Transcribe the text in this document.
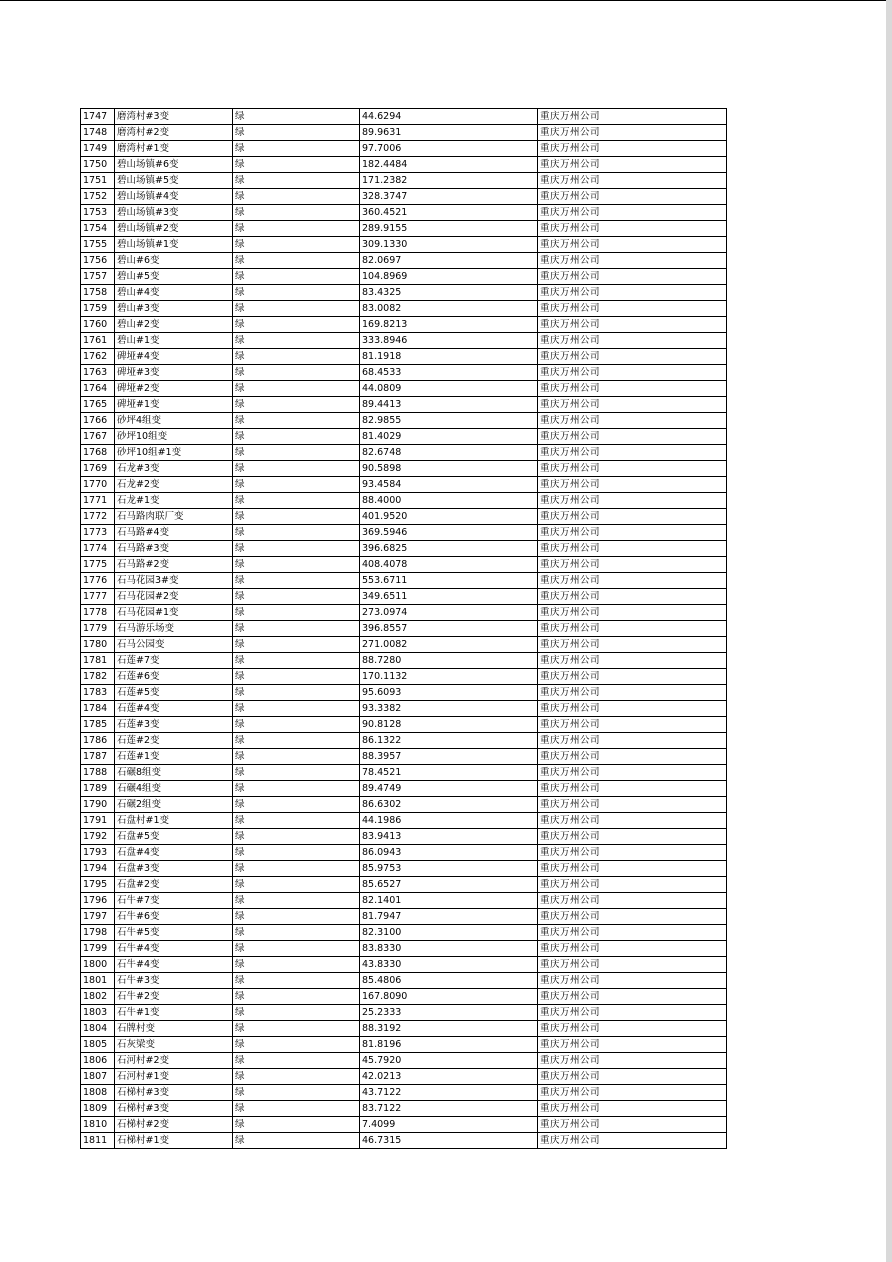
1747	磨湾村#3变	绿	44.6294	重庆万州公司
1748	磨湾村#2变	绿	89.9631	重庆万州公司
1749	磨湾村#1变	绿	97.7006	重庆万州公司
1750	碧山场镇#6变	绿	182.4484	重庆万州公司
1751	碧山场镇#5变	绿	171.2382	重庆万州公司
1752	碧山场镇#4变	绿	328.3747	重庆万州公司
1753	碧山场镇#3变	绿	360.4521	重庆万州公司
1754	碧山场镇#2变	绿	289.9155	重庆万州公司
1755	碧山场镇#1变	绿	309.1330	重庆万州公司
1756	碧山#6变	绿	82.0697	重庆万州公司
1757	碧山#5变	绿	104.8969	重庆万州公司
1758	碧山#4变	绿	83.4325	重庆万州公司
1759	碧山#3变	绿	83.0082	重庆万州公司
1760	碧山#2变	绿	169.8213	重庆万州公司
1761	碧山#1变	绿	333.8946	重庆万州公司
1762	碑垭#4变	绿	81.1918	重庆万州公司
1763	碑垭#3变	绿	68.4533	重庆万州公司
1764	碑垭#2变	绿	44.0809	重庆万州公司
1765	碑垭#1变	绿	89.4413	重庆万州公司
1766	砂坪4组变	绿	82.9855	重庆万州公司
1767	砂坪10组变	绿	81.4029	重庆万州公司
1768	砂坪10组#1变	绿	82.6748	重庆万州公司
1769	石龙#3变	绿	90.5898	重庆万州公司
1770	石龙#2变	绿	93.4584	重庆万州公司
1771	石龙#1变	绿	88.4000	重庆万州公司
1772	石马路肉联厂变	绿	401.9520	重庆万州公司
1773	石马路#4变	绿	369.5946	重庆万州公司
1774	石马路#3变	绿	396.6825	重庆万州公司
1775	石马路#2变	绿	408.4078	重庆万州公司
1776	石马花园3#变	绿	553.6711	重庆万州公司
1777	石马花园#2变	绿	349.6511	重庆万州公司
1778	石马花园#1变	绿	273.0974	重庆万州公司
1779	石马游乐场变	绿	396.8557	重庆万州公司
1780	石马公园变	绿	271.0082	重庆万州公司
1781	石莲#7变	绿	88.7280	重庆万州公司
1782	石莲#6变	绿	170.1132	重庆万州公司
1783	石莲#5变	绿	95.6093	重庆万州公司
1784	石莲#4变	绿	93.3382	重庆万州公司
1785	石莲#3变	绿	90.8128	重庆万州公司
1786	石莲#2变	绿	86.1322	重庆万州公司
1787	石莲#1变	绿	88.3957	重庆万州公司
1788	石碾8组变	绿	78.4521	重庆万州公司
1789	石碾4组变	绿	89.4749	重庆万州公司
1790	石碾2组变	绿	86.6302	重庆万州公司
1791	石盘村#1变	绿	44.1986	重庆万州公司
1792	石盘#5变	绿	83.9413	重庆万州公司
1793	石盘#4变	绿	86.0943	重庆万州公司
1794	石盘#3变	绿	85.9753	重庆万州公司
1795	石盘#2变	绿	85.6527	重庆万州公司
1796	石牛#7变	绿	82.1401	重庆万州公司
1797	石牛#6变	绿	81.7947	重庆万州公司
1798	石牛#5变	绿	82.3100	重庆万州公司
1799	石牛#4变	绿	83.8330	重庆万州公司
1800	石牛#4变	绿	43.8330	重庆万州公司
1801	石牛#3变	绿	85.4806	重庆万州公司
1802	石牛#2变	绿	167.8090	重庆万州公司
1803	石牛#1变	绿	25.2333	重庆万州公司
1804	石牌村变	绿	88.3192	重庆万州公司
1805	石灰梁变	绿	81.8196	重庆万州公司
1806	石河村#2变	绿	45.7920	重庆万州公司
1807	石河村#1变	绿	42.0213	重庆万州公司
1808	石梯村#3变	绿	43.7122	重庆万州公司
1809	石梯村#3变	绿	83.7122	重庆万州公司
1810	石梯村#2变	绿	7.4099	重庆万州公司
1811	石梯村#1变	绿	46.7315	重庆万州公司
